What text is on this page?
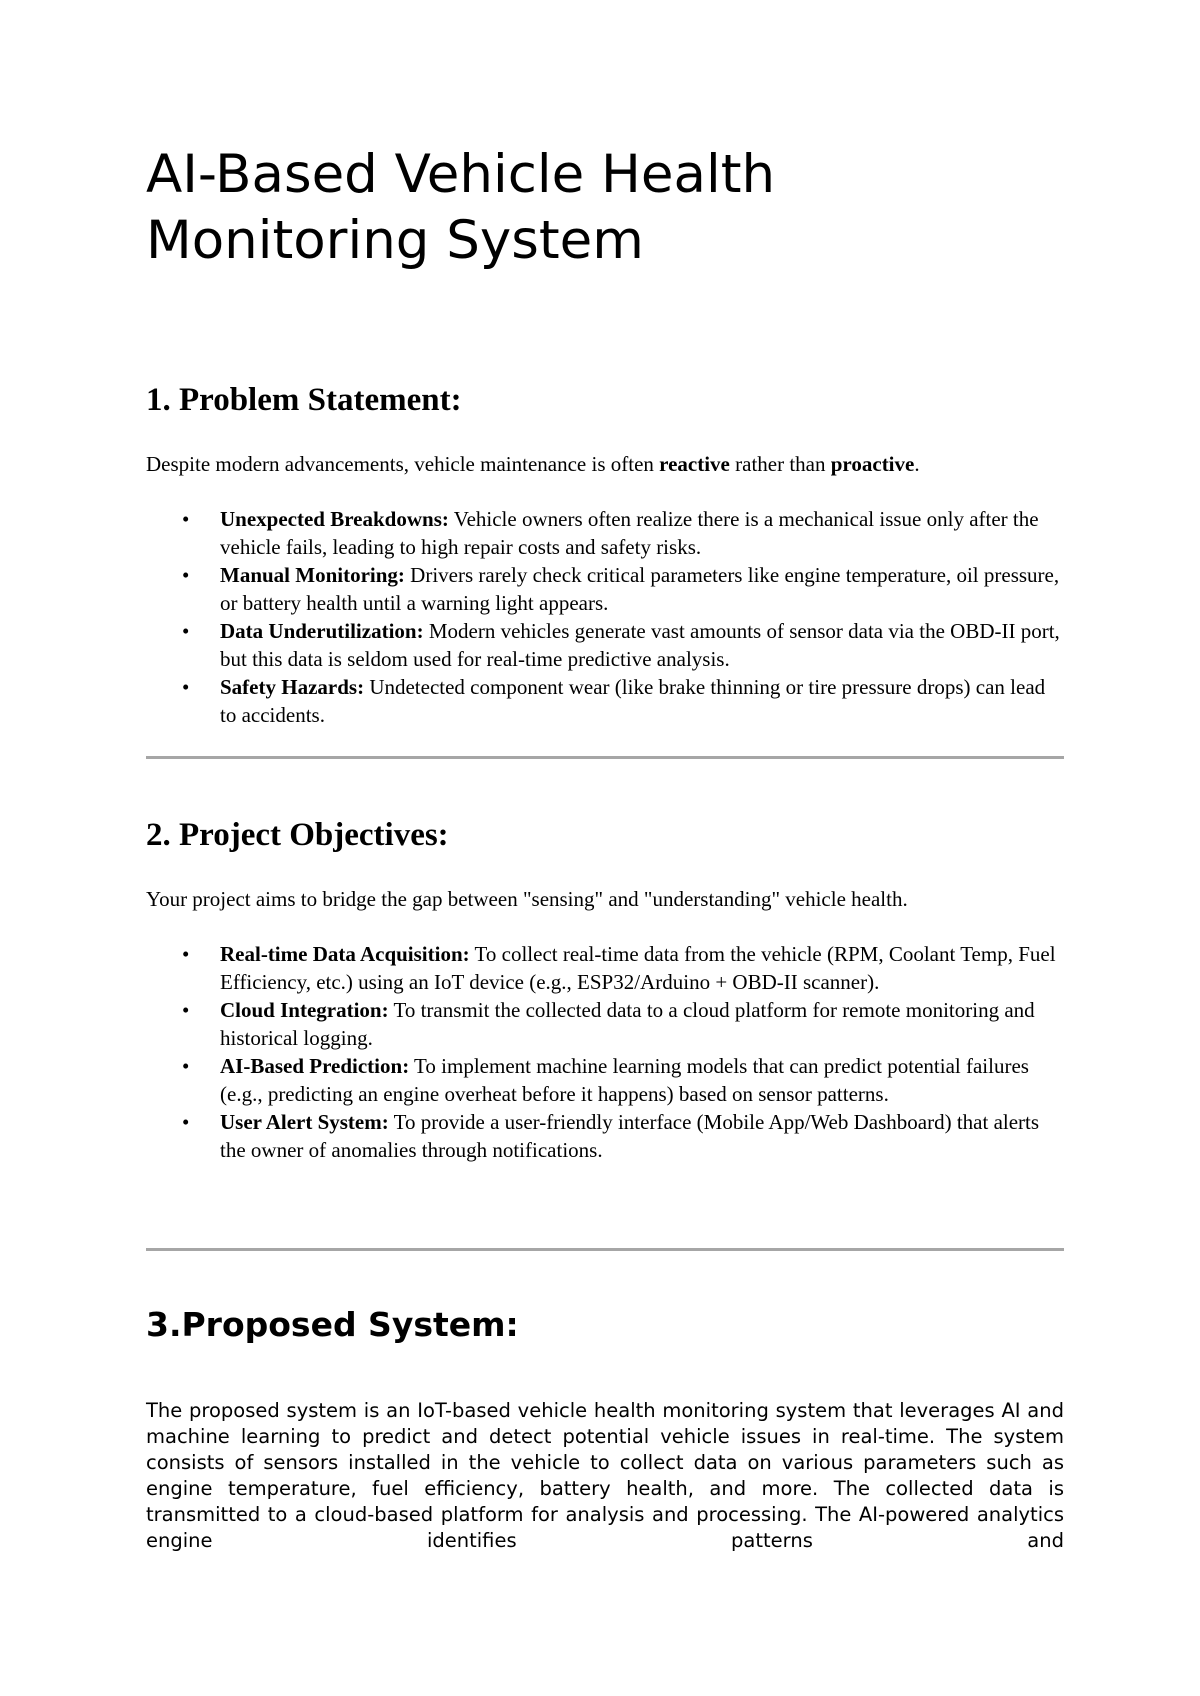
AI-Based Vehicle Health Monitoring System
1. Problem Statement:

Despite modern advancements, vehicle maintenance is often reactive rather than proactive.

• Unexpected Breakdowns: Vehicle owners often realize there is a mechanical issue only after the vehicle fails, leading to high repair costs and safety risks.
• Manual Monitoring: Drivers rarely check critical parameters like engine temperature, oil pressure, or battery health until a warning light appears.
• Data Underutilization: Modern vehicles generate vast amounts of sensor data via the OBD-II port, but this data is seldom used for real-time predictive analysis.
• Safety Hazards: Undetected component wear (like brake thinning or tire pressure drops) can lead to accidents.
2. Project Objectives:

Your project aims to bridge the gap between "sensing" and "understanding" vehicle health.

• Real-time Data Acquisition: To collect real-time data from the vehicle (RPM, Coolant Temp, Fuel Efficiency, etc.) using an IoT device (e.g., ESP32/Arduino + OBD-II scanner).
• Cloud Integration: To transmit the collected data to a cloud platform for remote monitoring and historical logging.
• AI-Based Prediction: To implement machine learning models that can predict potential failures (e.g., predicting an engine overheat before it happens) based on sensor patterns.
• User Alert System: To provide a user-friendly interface (Mobile App/Web Dashboard) that alerts the owner of anomalies through notifications.
3.Proposed System:

The proposed system is an IoT-based vehicle health monitoring system that leverages AI and machine learning to predict and detect potential vehicle issues in real-time. The system consists of sensors installed in the vehicle to collect data on various parameters such as engine temperature, fuel efficiency, battery health, and more. The collected data is transmitted to a cloud-based platform for analysis and processing. The AI-powered analytics engine identifies patterns and
